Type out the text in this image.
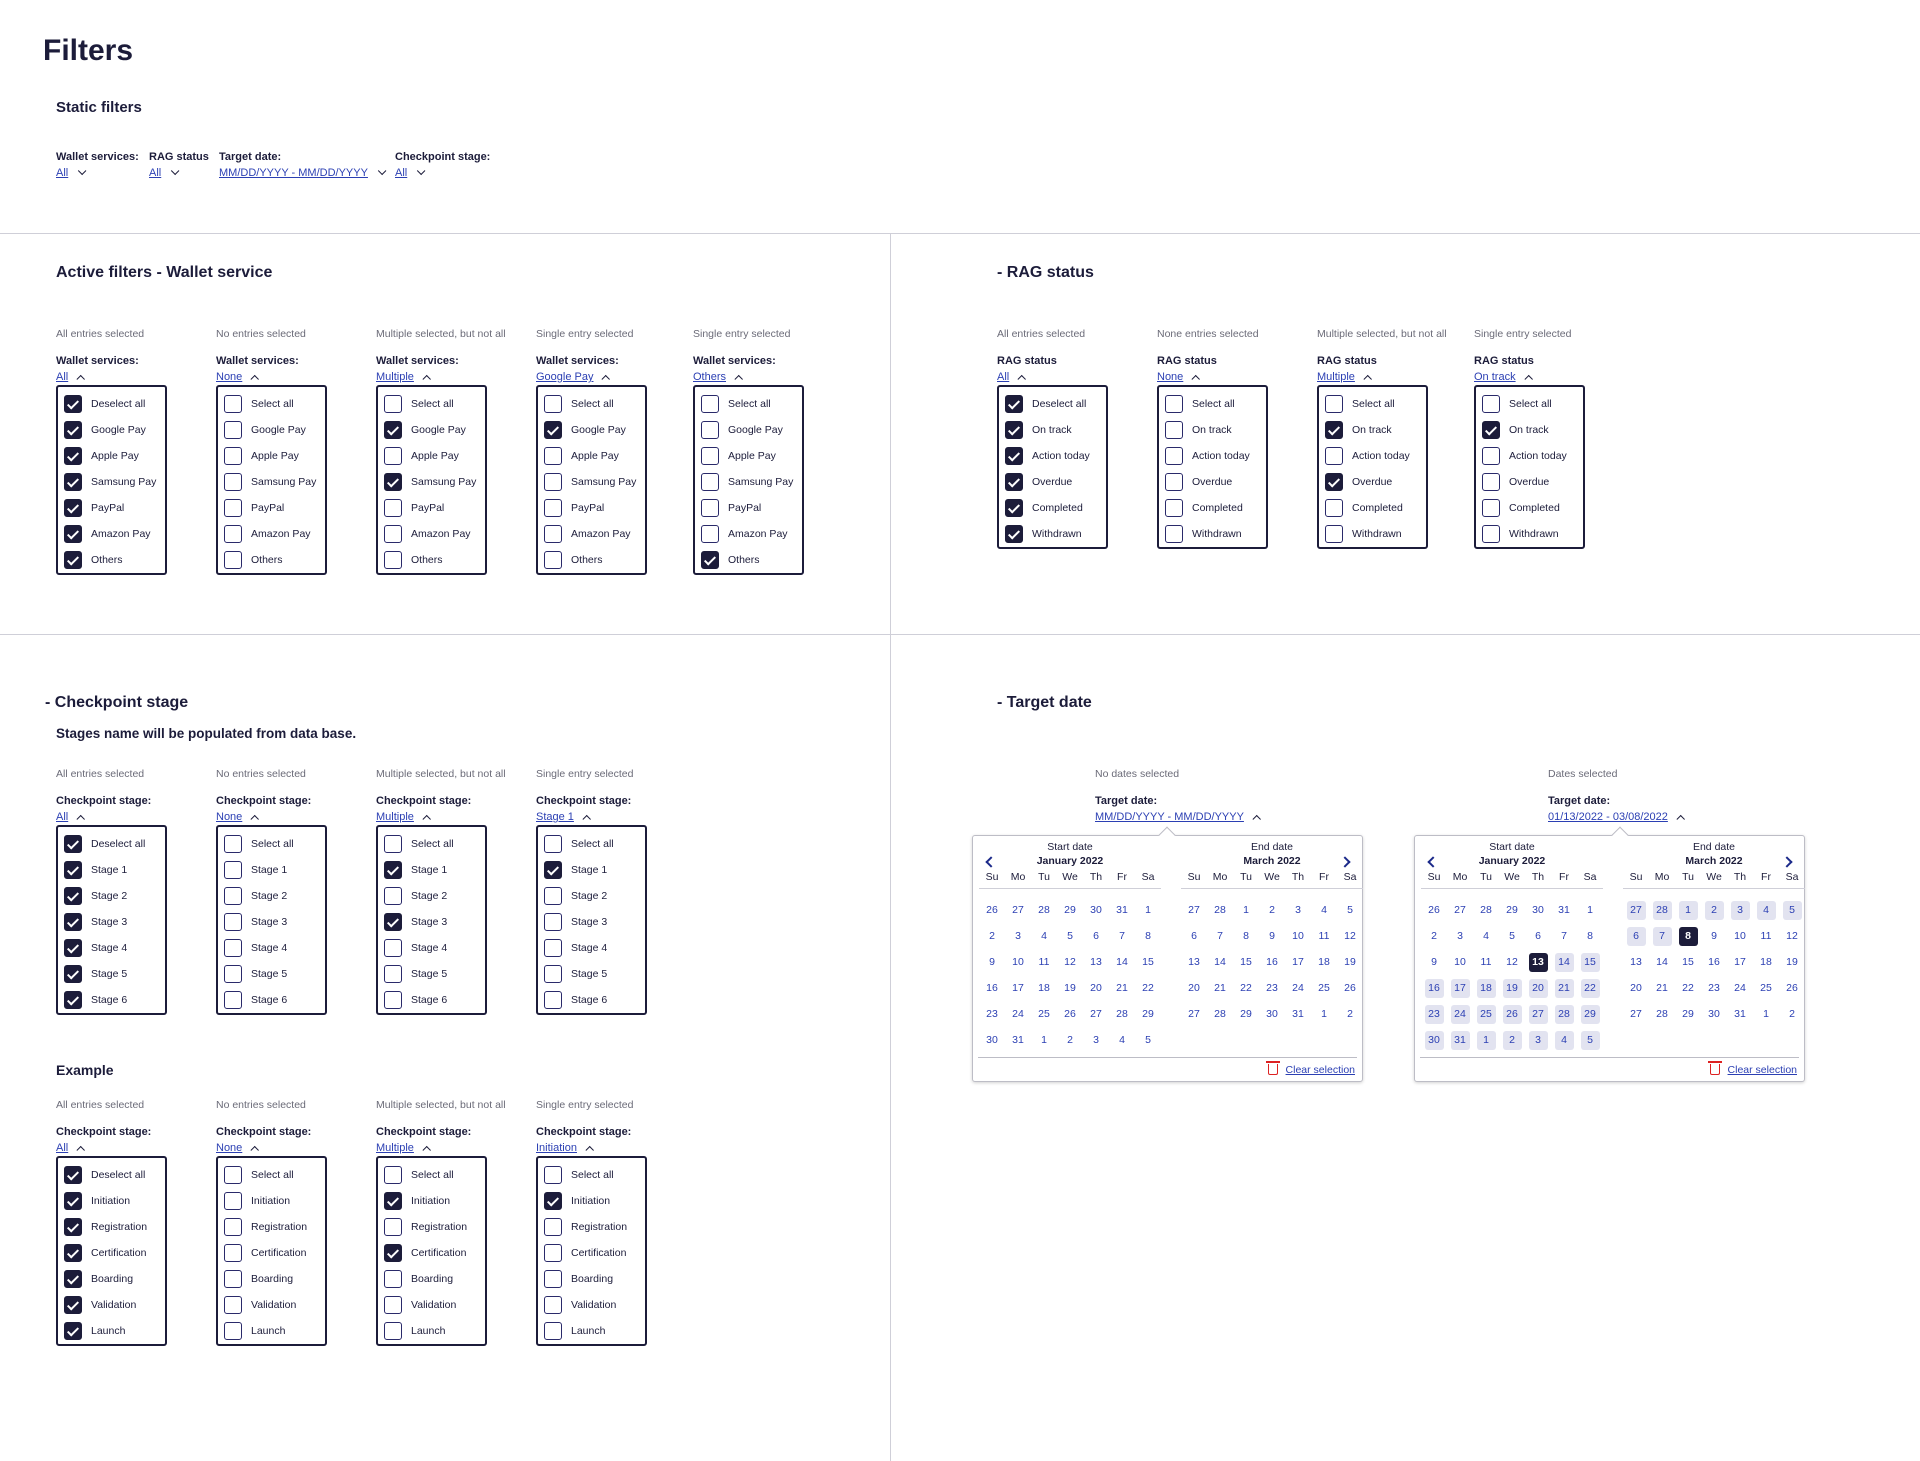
Filters
Static filters
Wallet services:
All
RAG status
All
Target date:
MM/DD/YYYY - MM/DD/YYYY
Checkpoint stage:
All
Active filters - Wallet service	- RAG status
- Checkpoint stage
Stages name will be populated from data base.
Example
- Target date
All entries selected
Wallet services:
All
Deselect all
Google Pay
Apple Pay
Samsung Pay
PayPal
Amazon Pay
Others
No entries selected
Wallet services:
None
Select all
Google Pay
Apple Pay
Samsung Pay
PayPal
Amazon Pay
Others
Multiple selected, but not all
Wallet services:
Multiple
Select all
Google Pay
Apple Pay
Samsung Pay
PayPal
Amazon Pay
Others
Single entry selected
Wallet services:
Google Pay
Select all
Google Pay
Apple Pay
Samsung Pay
PayPal
Amazon Pay
Others
Single entry selected
Wallet services:
Others
Select all
Google Pay
Apple Pay
Samsung Pay
PayPal
Amazon Pay
Others
All entries selected
RAG status
All
Deselect all
On track
Action today
Overdue
Completed
Withdrawn
None entries selected
RAG status
None
Select all
On track
Action today
Overdue
Completed
Withdrawn
Multiple selected, but not all
RAG status
Multiple
Select all
On track
Action today
Overdue
Completed
Withdrawn
Single entry selected
RAG status
On track
Select all
On track
Action today
Overdue
Completed
Withdrawn
All entries selected
Checkpoint stage:
All
Deselect all
Stage 1
Stage 2
Stage 3
Stage 4
Stage 5
Stage 6
No entries selected
Checkpoint stage:
None
Select all
Stage 1
Stage 2
Stage 3
Stage 4
Stage 5
Stage 6
Multiple selected, but not all
Checkpoint stage:
Multiple
Select all
Stage 1
Stage 2
Stage 3
Stage 4
Stage 5
Stage 6
Single entry selected
Checkpoint stage:
Stage 1
Select all
Stage 1
Stage 2
Stage 3
Stage 4
Stage 5
Stage 6
All entries selected
Checkpoint stage:
All
Deselect all
Initiation
Registration
Certification
Boarding
Validation
Launch
No entries selected
Checkpoint stage:
None
Select all
Initiation
Registration
Certification
Boarding
Validation
Launch
Multiple selected, but not all
Checkpoint stage:
Multiple
Select all
Initiation
Registration
Certification
Boarding
Validation
Launch
Single entry selected
Checkpoint stage:
Initiation
Select all
Initiation
Registration
Certification
Boarding
Validation
Launch
No dates selected
Target date:
MM/DD/YYYY - MM/DD/YYYY
Start date
January 2022
Su	Mo	Tu	We	Th	Fr	Sa
26	27	28	29	30	31	1
2	3	4	5	6	7	8
9	10	11	12	13	14	15
16	17	18	19	20	21	22
23	24	25	26	27	28	29
30	31	1	2	3	4	5
End date
March 2022
Su	Mo	Tu	We	Th	Fr	Sa
27	28	1	2	3	4	5
6	7	8	9	10	11	12
13	14	15	16	17	18	19
20	21	22	23	24	25	26
27	28	29	30	31	1	2
Clear selection
Dates selected
Target date:
01/13/2022 - 03/08/2022
Start date
January 2022
Su	Mo	Tu	We	Th	Fr	Sa
26	27	28	29	30	31	1
2	3	4	5	6	7	8
9	10	11	12	13	14	15
16	17	18	19	20	21	22
23	24	25	26	27	28	29
30	31	1	2	3	4	5
End date
March 2022
Su	Mo	Tu	We	Th	Fr	Sa
27	28	1	2	3	4	5
6	7	8	9	10	11	12
13	14	15	16	17	18	19
20	21	22	23	24	25	26
27	28	29	30	31	1	2
Clear selection
